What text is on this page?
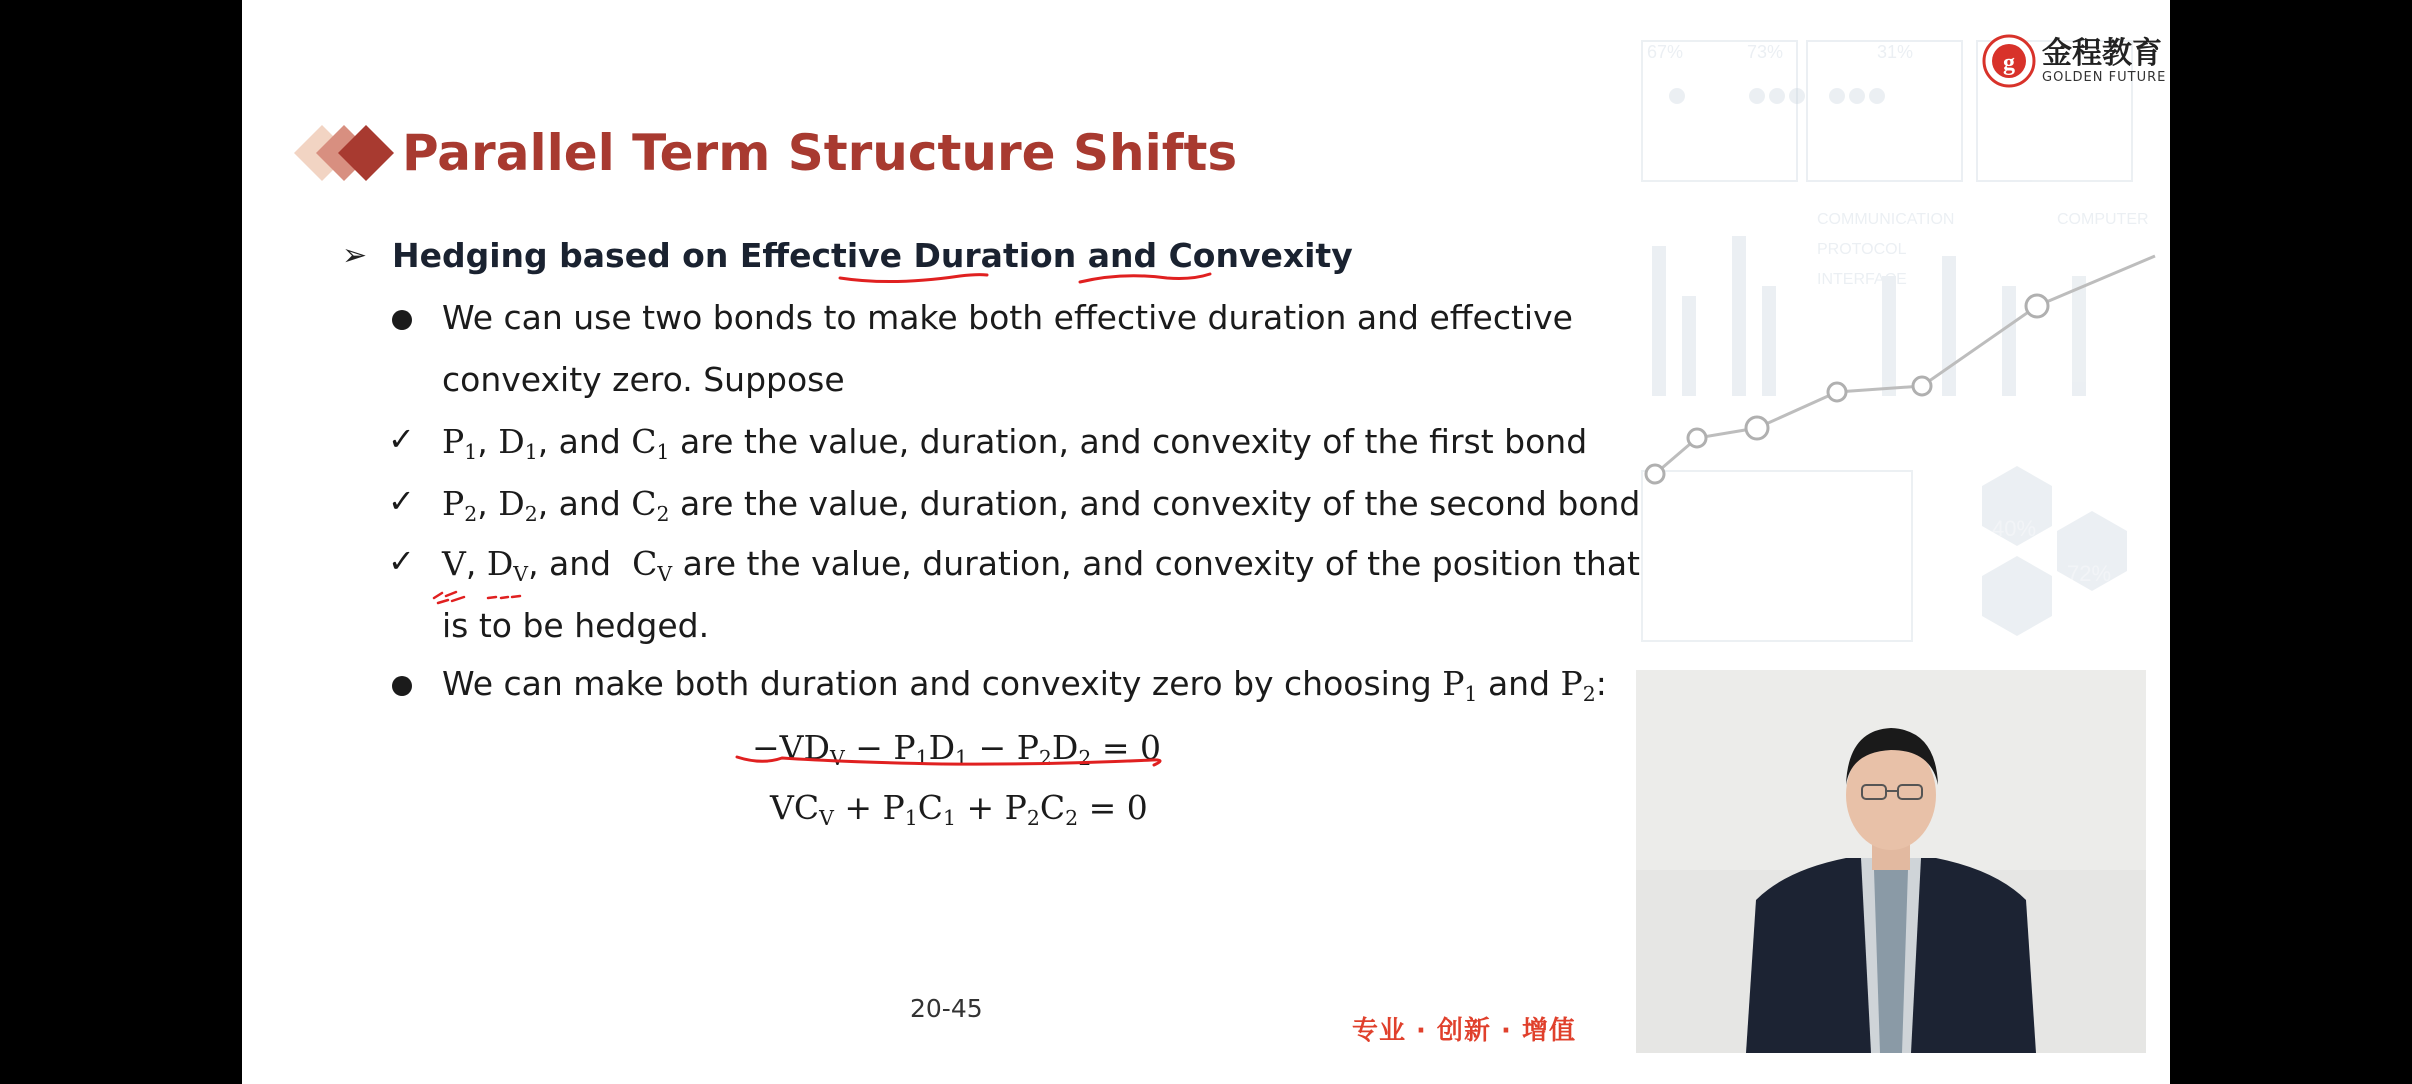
67%	73%	31%
COMMUNICATION
PROTOCOL
INTERFACE
COMPUTER
40%
72%
g 金程教育
GOLDEN FUTURE
Parallel Term Structure Shifts
➢ Hedging based on Effective Duration and Convexity
We can use two bonds to make both effective duration and effective
convexity zero. Suppose
✓ $P_1$, $D_1$, and $C_1$ are the value, duration, and convexity of the first bond
✓ $P_2$, $D_2$, and $C_2$ are the value, duration, and convexity of the second bond
✓ V, $D_V$, and $C_V$ are the value, duration, and convexity of the position that
is to be hedged.
We can make both duration and convexity zero by choosing $P_1$ and $P_2$:
$-VD_V - P_1D_1 - P_2D_2 = 0$
$VC_V + P_1C_1 + P_2C_2 = 0$
20-45
专业 · 创新 · 增值
